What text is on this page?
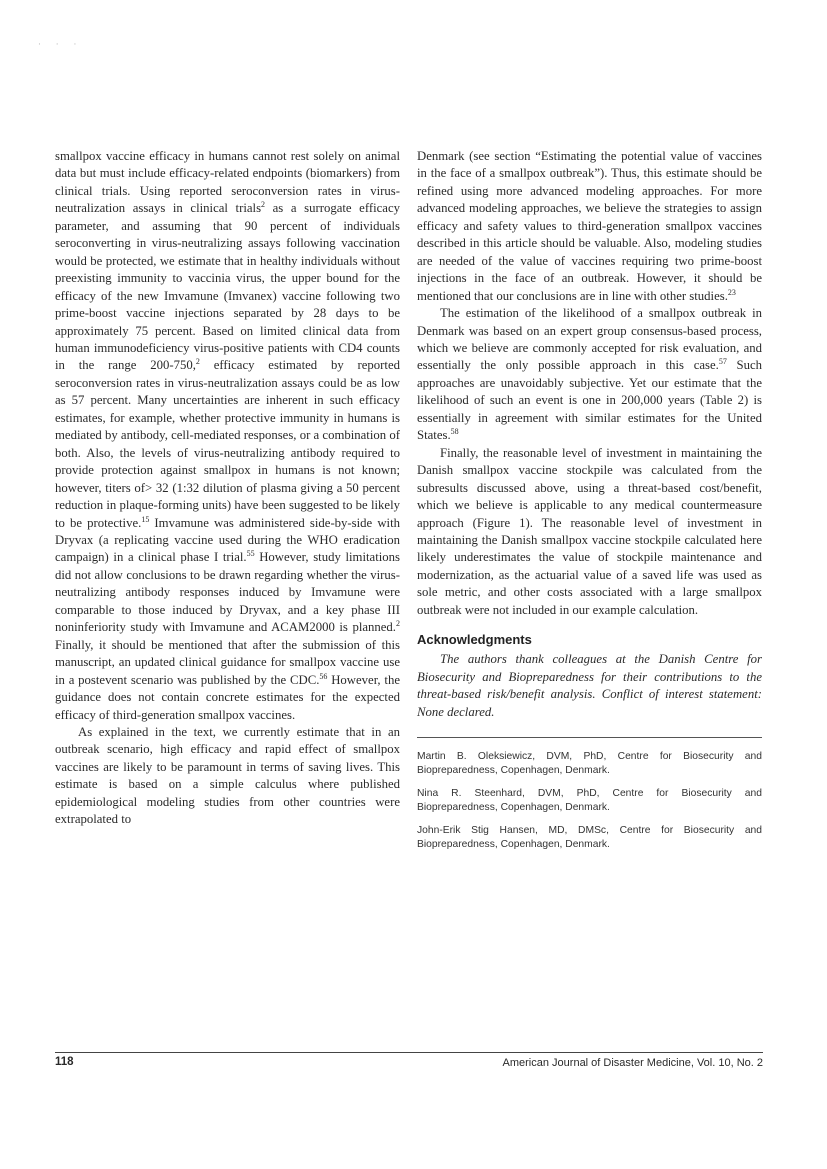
· · ·

smallpox vaccine efficacy in humans cannot rest solely on animal data but must include efficacy-related endpoints (biomarkers) from clinical trials. Using reported seroconversion rates in virus-neutralization assays in clinical trials$^2$ as a surrogate efficacy parameter, and assuming that 90 percent of individuals seroconverting in virus-neutralizing assays following vaccination would be protected, we estimate that in healthy individuals without preexisting immunity to vaccinia virus, the upper bound for the efficacy of the new Imvamune (Imvanex) vaccine following two prime-boost vaccine injections separated by 28 days to be approximately 75 percent. Based on limited clinical data from human immunodeficiency virus-positive patients with CD4 counts in the range 200-750,$^2$ efficacy estimated by reported seroconversion rates in virus-neutralization assays could be as low as 57 percent. Many uncertainties are inherent in such efficacy estimates, for example, whether protective immunity in humans is mediated by antibody, cell-mediated responses, or a combination of both. Also, the levels of virus-neutralizing antibody required to provide protection against smallpox in humans is not known; however, titers of> 32 (1:32 dilution of plasma giving a 50 percent reduction in plaque-forming units) have been suggested to be likely to be protective.$^{15}$ Imvamune was administered side-by-side with Dryvax (a replicating vaccine used during the WHO eradication campaign) in a clinical phase I trial.$^{55}$ However, study limitations did not allow conclusions to be drawn regarding whether the virus-neutralizing antibody responses induced by Imvamune were comparable to those induced by Dryvax, and a key phase III noninferiority study with Imvamune and ACAM2000 is planned.$^2$ Finally, it should be mentioned that after the submission of this manuscript, an updated clinical guidance for smallpox vaccine use in a postevent scenario was published by the CDC.$^{56}$ However, the guidance does not contain concrete estimates for the expected efficacy of third-generation smallpox vaccines.

As explained in the text, we currently estimate that in an outbreak scenario, high efficacy and rapid effect of smallpox vaccines are likely to be paramount in terms of saving lives. This estimate is based on a simple calculus where published epidemiological modeling studies from other countries were extrapolated to

Denmark (see section “Estimating the potential value of vaccines in the face of a smallpox outbreak”). Thus, this estimate should be refined using more advanced modeling approaches. For more advanced modeling approaches, we believe the strategies to assign efficacy and safety values to third-generation smallpox vaccines described in this article should be valuable. Also, modeling studies are needed of the value of vaccines requiring two prime-boost injections in the face of an outbreak. However, it should be mentioned that our conclusions are in line with other studies.$^{23}$

The estimation of the likelihood of a smallpox outbreak in Denmark was based on an expert group consensus-based process, which we believe are commonly accepted for risk evaluation, and essentially the only possible approach in this case.$^{57}$ Such approaches are unavoidably subjective. Yet our estimate that the likelihood of such an event is one in 200,000 years (Table 2) is essentially in agreement with similar estimates for the United States.$^{58}$

Finally, the reasonable level of investment in maintaining the Danish smallpox vaccine stockpile was calculated from the subresults discussed above, using a threat-based cost/benefit, which we believe is applicable to any medical countermeasure approach (Figure 1). The reasonable level of investment in maintaining the Danish smallpox vaccine stockpile calculated here likely underestimates the value of stockpile maintenance and modernization, as the actuarial value of a saved life was used as sole metric, and other costs associated with a large smallpox outbreak were not included in our example calculation.

Acknowledgments

The authors thank colleagues at the Danish Centre for Biosecurity and Biopreparedness for their contributions to the threat-based risk/benefit analysis. Conflict of interest statement: None declared.

Martin B. Oleksiewicz, DVM, PhD, Centre for Biosecurity and Biopreparedness, Copenhagen, Denmark.

Nina R. Steenhard, DVM, PhD, Centre for Biosecurity and Biopreparedness, Copenhagen, Denmark.

John-Erik Stig Hansen, MD, DMSc, Centre for Biosecurity and Biopreparedness, Copenhagen, Denmark.

118	American Journal of Disaster Medicine, Vol. 10, No. 2
